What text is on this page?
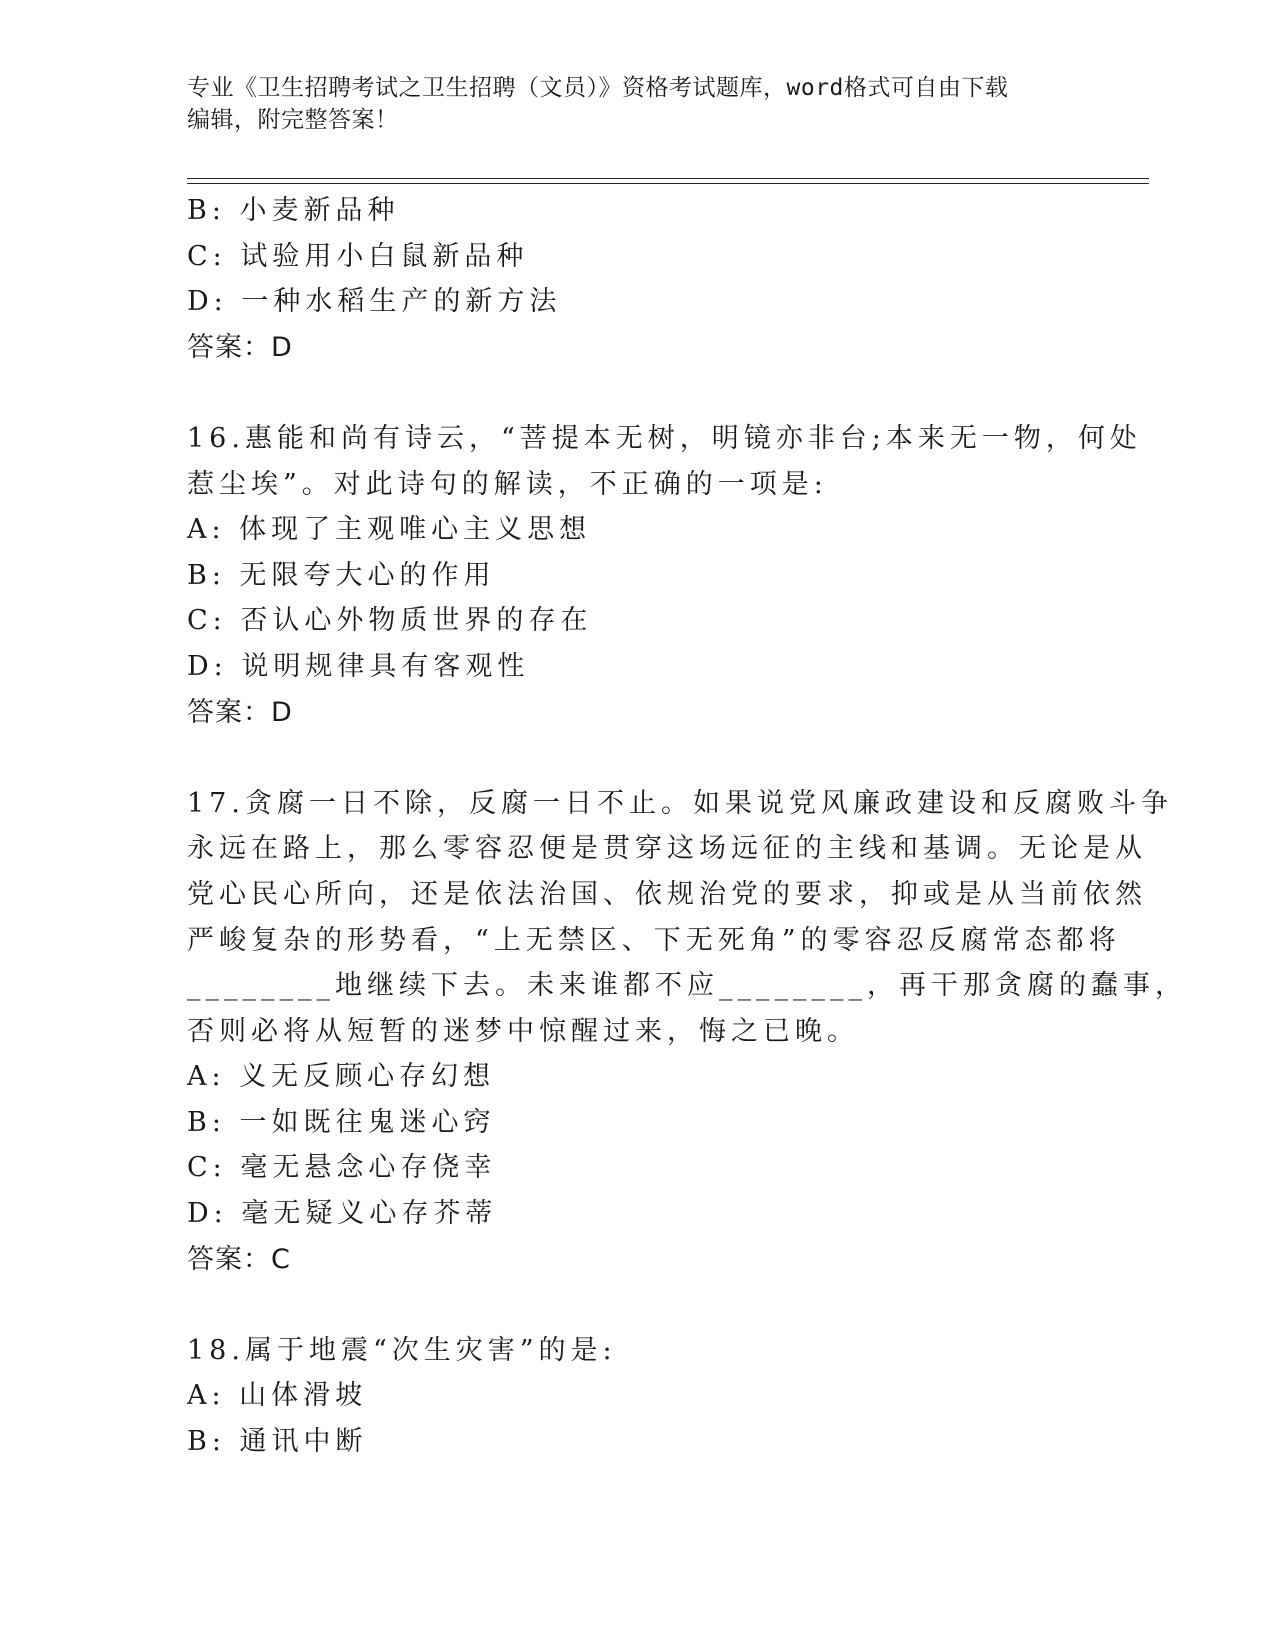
专业《卫生招聘考试之卫生招聘（文员）》资格考试题库，word格式可自由下载
编辑，附完整答案！
B: 小麦新品种
C: 试验用小白鼠新品种
D: 一种水稻生产的新方法
答案：D
16.惠能和尚有诗云，“菩提本无树，明镜亦非台;本来无一物，何处
惹尘埃”。对此诗句的解读，不正确的一项是:
A: 体现了主观唯心主义思想
B: 无限夸大心的作用
C: 否认心外物质世界的存在
D: 说明规律具有客观性
答案：D
17.贪腐一日不除，反腐一日不止。如果说党风廉政建设和反腐败斗争
永远在路上，那么零容忍便是贯穿这场远征的主线和基调。无论是从
党心民心所向，还是依法治国、依规治党的要求，抑或是从当前依然
严峻复杂的形势看，“上无禁区、下无死角”的零容忍反腐常态都将
________地继续下去。未来谁都不应________，再干那贪腐的蠢事，
否则必将从短暂的迷梦中惊醒过来，悔之已晚。
A: 义无反顾心存幻想
B: 一如既往鬼迷心窍
C: 毫无悬念心存侥幸
D: 毫无疑义心存芥蒂
答案：C
18.属于地震“次生灾害”的是:
A: 山体滑坡
B: 通讯中断
